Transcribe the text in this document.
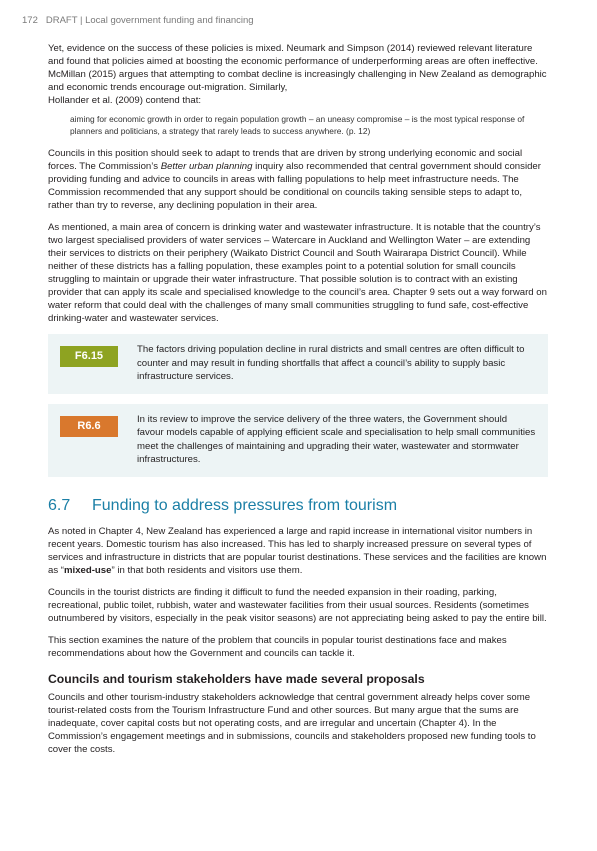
172 DRAFT | Local government funding and financing

Yet, evidence on the success of these policies is mixed. Neumark and Simpson (2014) reviewed relevant literature and found that policies aimed at boosting the economic performance of underperforming areas are often ineffective. McMillan (2015) argues that attempting to combat decline is increasingly challenging in New Zealand as demographic and economic trends encourage out-migration. Similarly,
Hollander et al. (2009) contend that:

aiming for economic growth in order to regain population growth – an uneasy compromise – is the most typical response of planners and politicians, a strategy that rarely leads to success anywhere. (p. 12)

Councils in this position should seek to adapt to trends that are driven by strong underlying economic and social forces. The Commission’s Better urban planning inquiry also recommended that central government should consider providing funding and advice to councils in areas with falling populations to help meet infrastructure needs. The Commission recommended that any support should be conditional on councils taking sensible steps to adapt to, rather than try to reverse, any declining population in their area.

As mentioned, a main area of concern is drinking water and wastewater infrastructure. It is notable that the country’s two largest specialised providers of water services – Watercare in Auckland and Wellington Water – are extending their services to districts on their periphery (Waikato District Council and South Wairarapa District Council). While neither of these districts has a falling population, these examples point to a potential solution for small councils struggling to maintain or upgrade their water infrastructure. That possible solution is to contract with an existing provider that can apply its scale and specialised knowledge to the council’s area. Chapter 9 sets out a way forward on water reform that could deal with the challenges of many small communities struggling to fund safe, cost-effective drinking-water and wastewater services.

F6.15
The factors driving population decline in rural districts and small centres are often difficult to counter and may result in funding shortfalls that affect a council’s ability to supply basic infrastructure services.
R6.6
In its review to improve the service delivery of the three waters, the Government should favour models capable of applying efficient scale and specialisation to help small communities meet the challenges of maintaining and upgrading their water, wastewater and stormwater infrastructures.
6.7	Funding to address pressures from tourism

As noted in Chapter 4, New Zealand has experienced a large and rapid increase in international visitor numbers in recent years. Domestic tourism has also increased. This has led to sharply increased pressure on several types of services and infrastructure in districts that are popular tourist destinations. These services and the facilities are known as “mixed-use” in that both residents and visitors use them.

Councils in the tourist districts are finding it difficult to fund the needed expansion in their roading, parking, recreational, public toilet, rubbish, water and wastewater facilities from their usual sources. Residents (sometimes outnumbered by visitors, especially in the peak visitor seasons) are not appreciating being asked to pay the entire bill.

This section examines the nature of the problem that councils in popular tourist destinations face and makes recommendations about how the Government and councils can tackle it.

Councils and tourism stakeholders have made several proposals

Councils and other tourism-industry stakeholders acknowledge that central government already helps cover some tourist-related costs from the Tourism Infrastructure Fund and other sources. But many argue that the sums are inadequate, cover capital costs but not operating costs, and are irregular and uncertain (Chapter 4). In the Commission’s engagement meetings and in submissions, councils and stakeholders proposed new funding tools to cover the costs.
